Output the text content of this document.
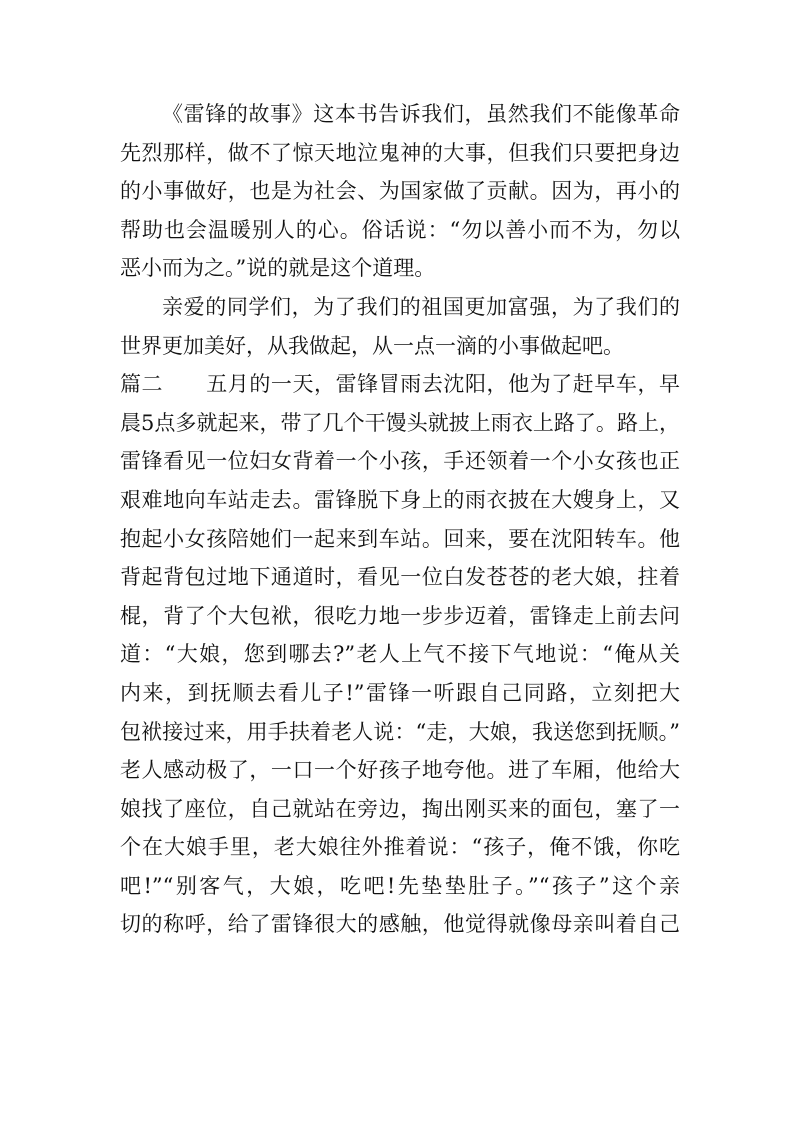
《雷锋的故事》这本书告诉我们，虽然我们不能像革命
先烈那样，做不了惊天地泣鬼神的大事，但我们只要把身边
的小事做好，也是为社会、为国家做了贡献。因为，再小的
帮助也会温暖别人的心。俗话说：“勿以善小而不为，勿以
恶小而为之。”说的就是这个道理。
亲爱的同学们，为了我们的祖国更加富强，为了我们的
世界更加美好，从我做起，从一点一滴的小事做起吧。
篇二　　五月的一天，雷锋冒雨去沈阳，他为了赶早车，早
晨5点多就起来，带了几个干馒头就披上雨衣上路了。路上，
雷锋看见一位妇女背着一个小孩，手还领着一个小女孩也正
艰难地向车站走去。雷锋脱下身上的雨衣披在大嫂身上，又
抱起小女孩陪她们一起来到车站。回来，要在沈阳转车。他
背起背包过地下通道时，看见一位白发苍苍的老大娘，拄着
棍，背了个大包袱，很吃力地一步步迈着，雷锋走上前去问
道：“大娘，您到哪去?”老人上气不接下气地说：“俺从关
内来，到抚顺去看儿子!”雷锋一听跟自己同路，立刻把大
包袱接过来，用手扶着老人说：“走，大娘，我送您到抚顺。”
老人感动极了，一口一个好孩子地夸他。进了车厢，他给大
娘找了座位，自己就站在旁边，掏出刚买来的面包，塞了一
个在大娘手里，老大娘往外推着说：“孩子，俺不饿，你吃
吧!”“别客气，大娘，吃吧!先垫垫肚子。”“孩子”这个亲
切的称呼，给了雷锋很大的感触，他觉得就像母亲叫着自己
